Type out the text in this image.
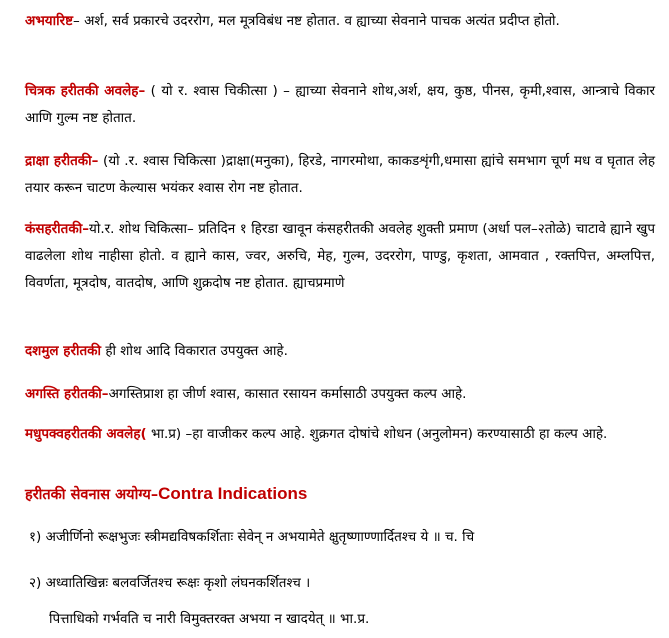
अभयारिष्ट– अर्श, सर्व प्रकारचे उदररोग, मल मूत्रविबंध नष्ट होतात. व ह्याच्या सेवनाने पाचक अत्यंत प्रदीप्त होतो.

चित्रक हरीतकी अवलेह– ( यो र. श्वास चिकीत्सा ) – ह्याच्या सेवनाने शोथ,अर्श, क्षय, कुष्ठ, पीनस, कृमी,श्वास, आन्त्राचे विकार आणि गुल्म नष्ट होतात.

द्राक्षा हरीतकी– (यो .र. श्वास चिकित्सा )द्राक्षा(मनुका), हिरडे, नागरमोथा, काकडशृंगी,धमासा ह्यांचे समभाग चूर्ण मध व घृतात लेह तयार करून चाटण केल्यास भयंकर श्वास रोग नष्ट होतात.

कंसहरीतकी–यो.र. शोथ चिकित्सा– प्रतिदिन १ हिरडा खावून कंसहरीतकी अवलेह शुक्ती प्रमाण (अर्धा पल–२तोळे) चाटावे ह्याने खुप वाढलेला शोथ नाहीसा होतो. व ह्याने कास, ज्वर, अरुचि, मेह, गुल्म, उदररोग, पाण्डु, कृशता, आमवात , रक्तपित्त, अम्लपित्त, विवर्णता, मूत्रदोष, वातदोष, आणि शुक्रदोष नष्ट होतात. ह्याचप्रमाणे

दशमुल हरीतकी ही शोथ आदि विकारात उपयुक्त आहे.

अगस्ति हरीतकी–अगस्तिप्राश हा जीर्ण श्वास, कासात रसायन कर्मासाठी उपयुक्त कल्प आहे.

मधुपक्वहरीतकी अवलेह( भा.प्र) –हा वाजीकर कल्प आहे. शुक्रगत दोषांचे शोधन (अनुलोमन) करण्यासाठी हा कल्प आहे.

हरीतकी सेवनास अयोग्य–Contra Indications

१) अजीर्णिनो रूक्षभुजः स्त्रीमद्यविषकर्शिताः सेवेन् न अभयामेते क्षुतृष्णाण्णार्दितश्च ये ॥ च. चि

२) अध्वातिखिन्नः बलवर्जितश्च रूक्षः कृशो लंघनकर्शितश्च ।

पित्ताधिको गर्भवति च नारी विमुक्तरक्त अभया न खादयेत् ॥ भा.प्र.
